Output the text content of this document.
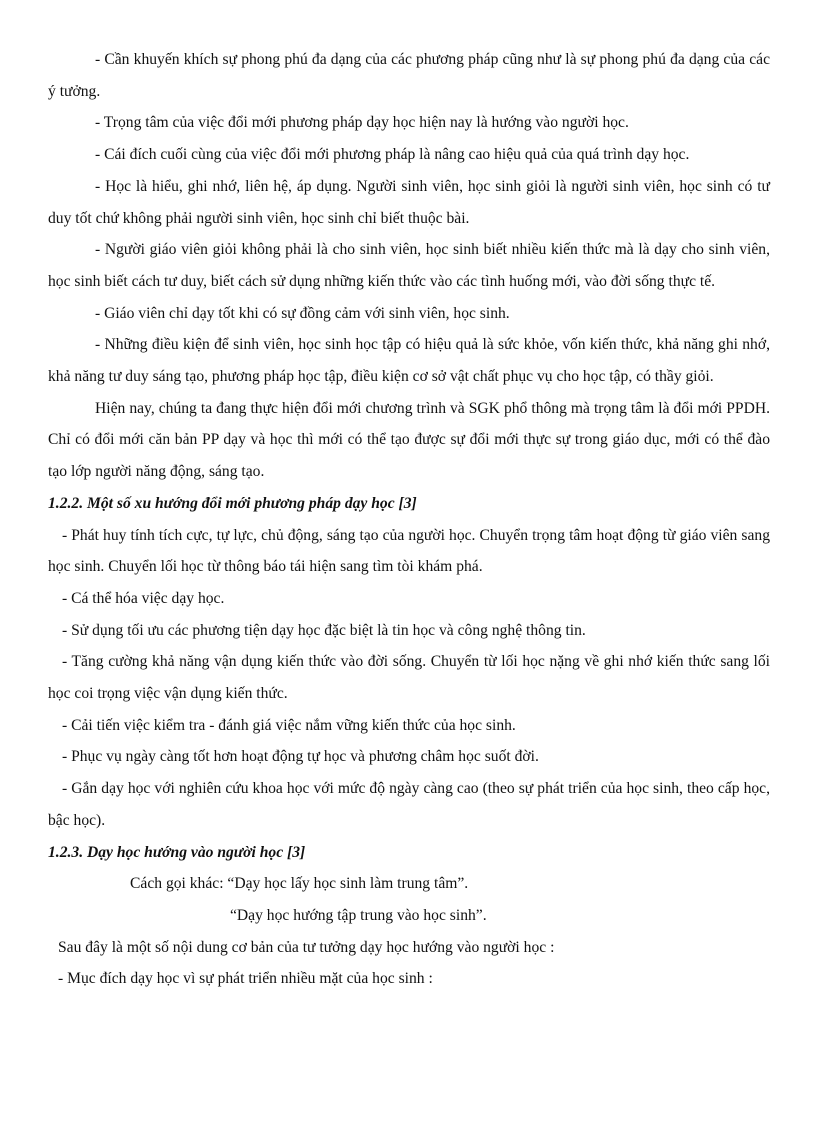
- Cần khuyến khích sự phong phú đa dạng của các phương pháp cũng như là sự phong phú đa dạng của các ý tưởng.

- Trọng tâm của việc đổi mới phương pháp dạy học hiện nay là hướng vào người học.

- Cái đích cuối cùng của việc đổi mới phương pháp là nâng cao hiệu quả của quá trình dạy học.

- Học là hiểu, ghi nhớ, liên hệ, áp dụng. Người sinh viên, học sinh giỏi là người sinh viên, học sinh có tư duy tốt chứ không phải người sinh viên, học sinh chỉ biết thuộc bài.

- Người giáo viên giỏi không phải là cho sinh viên, học sinh biết nhiều kiến thức mà là dạy cho sinh viên, học sinh biết cách tư duy, biết cách sử dụng những kiến thức vào các tình huống mới, vào đời sống thực tế.

- Giáo viên chỉ dạy tốt khi có sự đồng cảm với sinh viên, học sinh.

- Những điều kiện để sinh viên, học sinh học tập có hiệu quả là sức khỏe, vốn kiến thức, khả năng ghi nhớ, khả năng tư duy sáng tạo, phương pháp học tập, điều kiện cơ sở vật chất phục vụ cho học tập, có thầy giỏi.

Hiện nay, chúng ta đang thực hiện đổi mới chương trình và SGK phổ thông mà trọng tâm là đổi mới PPDH. Chỉ có đổi mới căn bản PP dạy và học thì mới có thể tạo được sự đổi mới thực sự trong giáo dục, mới có thể đào tạo lớp người năng động, sáng tạo.

1.2.2. Một số xu hướng đổi mới phương pháp dạy học [3]

- Phát huy tính tích cực, tự lực, chủ động, sáng tạo của người học. Chuyển trọng tâm hoạt động từ giáo viên sang học sinh. Chuyển lối học từ thông báo tái hiện sang tìm tòi khám phá.

- Cá thể hóa việc dạy học.

- Sử dụng tối ưu các phương tiện dạy học đặc biệt là tin học và công nghệ thông tin.

- Tăng cường khả năng vận dụng kiến thức vào đời sống. Chuyển từ lối học nặng về ghi nhớ kiến thức sang lối học coi trọng việc vận dụng kiến thức.

- Cải tiến việc kiểm tra - đánh giá việc nắm vững kiến thức của học sinh.

- Phục vụ ngày càng tốt hơn hoạt động tự học và phương châm học suốt đời.

- Gắn dạy học với nghiên cứu khoa học với mức độ ngày càng cao (theo sự phát triển của học sinh, theo cấp học, bậc học).

1.2.3. Dạy học hướng vào người học [3]

Cách gọi khác: “Dạy học lấy học sinh làm trung tâm”.

“Dạy học hướng tập trung vào học sinh”.

Sau đây là một số nội dung cơ bản của tư tưởng dạy học hướng vào người học :

- Mục đích dạy học vì sự phát triển nhiều mặt của học sinh :
